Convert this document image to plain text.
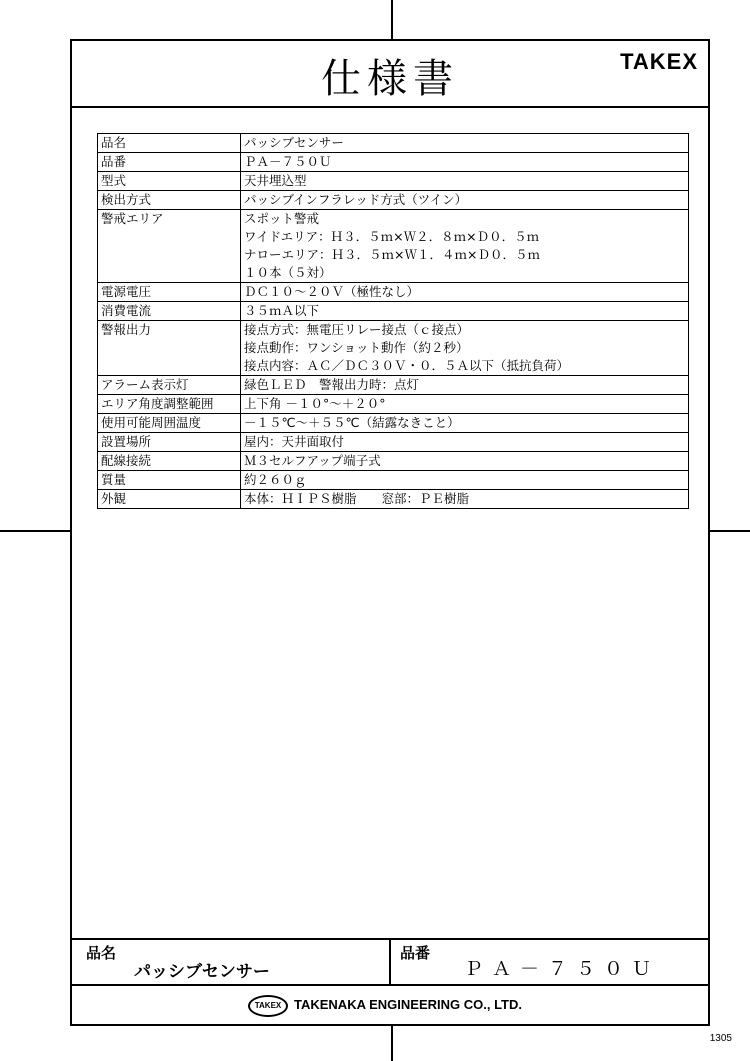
仕様書	TAKEX
品名	パッシブセンサー

品番	ＰＡ－７５０Ｕ

型式	天井埋込型

検出方式	パッシブインフラレッド方式（ツイン）

警戒エリア	スポット警戒
ワイドエリア：Ｈ３．５ｍ×Ｗ２．８ｍ×Ｄ０．５ｍ
ナローエリア：Ｈ３．５ｍ×Ｗ１．４ｍ×Ｄ０．５ｍ
１０本（５対）

電源電圧	ＤＣ１０～２０Ｖ（極性なし）

消費電流	３５ｍＡ以下

警報出力	接点方式：無電圧リレー接点（ｃ接点）
接点動作：ワンショット動作（約２秒）
接点内容：ＡＣ／ＤＣ３０Ｖ・０．５Ａ以下（抵抗負荷）

アラーム表示灯	緑色ＬＥＤ　警報出力時：点灯

エリア角度調整範囲	上下角 －１０°～＋２０°

使用可能周囲温度	－１５℃～＋５５℃（結露なきこと）

設置場所	屋内：天井面取付

配線接続	Ｍ３セルフアップ端子式

質量	約２６０ｇ

外観	本体：ＨＩＰＳ樹脂　　窓部：ＰＥ樹脂
品名
パッシブセンサー
品番
ＰＡ－７５０Ｕ
TAKEX TAKENAKA ENGINEERING CO., LTD.
1305
